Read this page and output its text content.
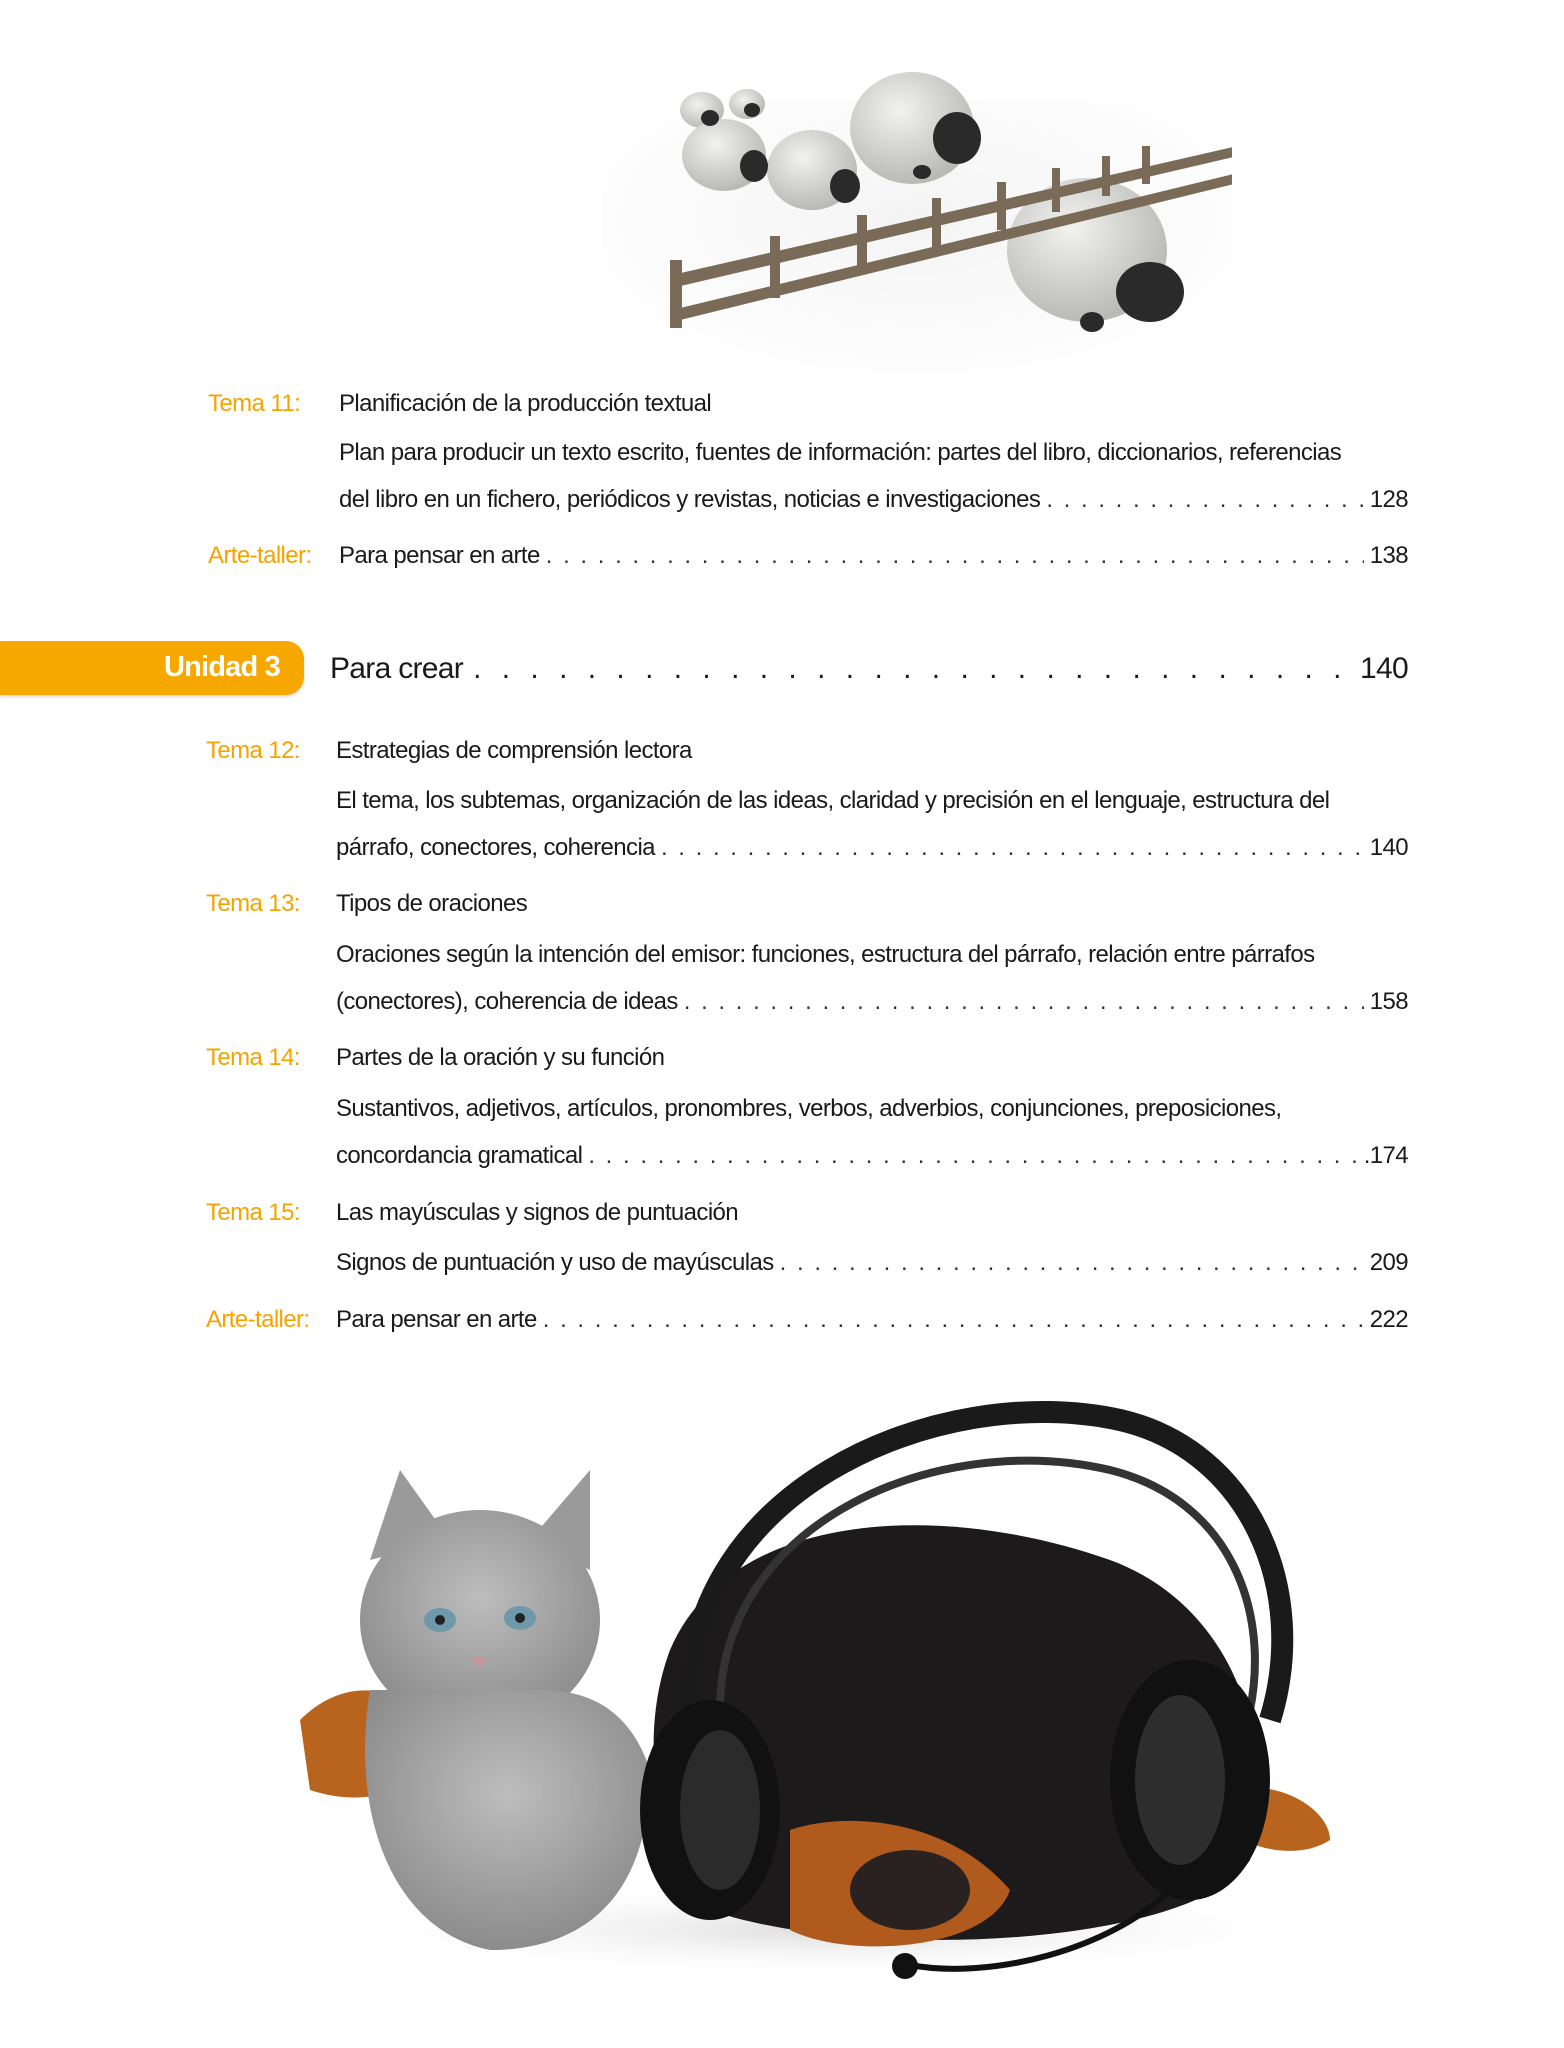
Tema 11: Planificación de la producción textual
Plan para producir un texto escrito, fuentes de información: partes del libro, diccionarios, referencias
del libro en un fichero, periódicos y revistas, noticias e investigaciones . . .	128
Arte-taller: Para pensar en arte . . .	138
Unidad 3 Para crear . . .	140
Tema 12: Estrategias de comprensión lectora
El tema, los subtemas, organización de las ideas, claridad y precisión en el lenguaje, estructura del
párrafo, conectores, coherencia . . .	140
Tema 13: Tipos de oraciones
Oraciones según la intención del emisor: funciones, estructura del párrafo, relación entre párrafos
(conectores), coherencia de ideas . . .	158
Tema 14: Partes de la oración y su función
Sustantivos, adjetivos, artículos, pronombres, verbos, adverbios, conjunciones, preposiciones,
concordancia gramatical . . .	.174
Tema 15: Las mayúsculas y signos de puntuación
Signos de puntuación y uso de mayúsculas . . .	209
Arte-taller: Para pensar en arte . . .	222
